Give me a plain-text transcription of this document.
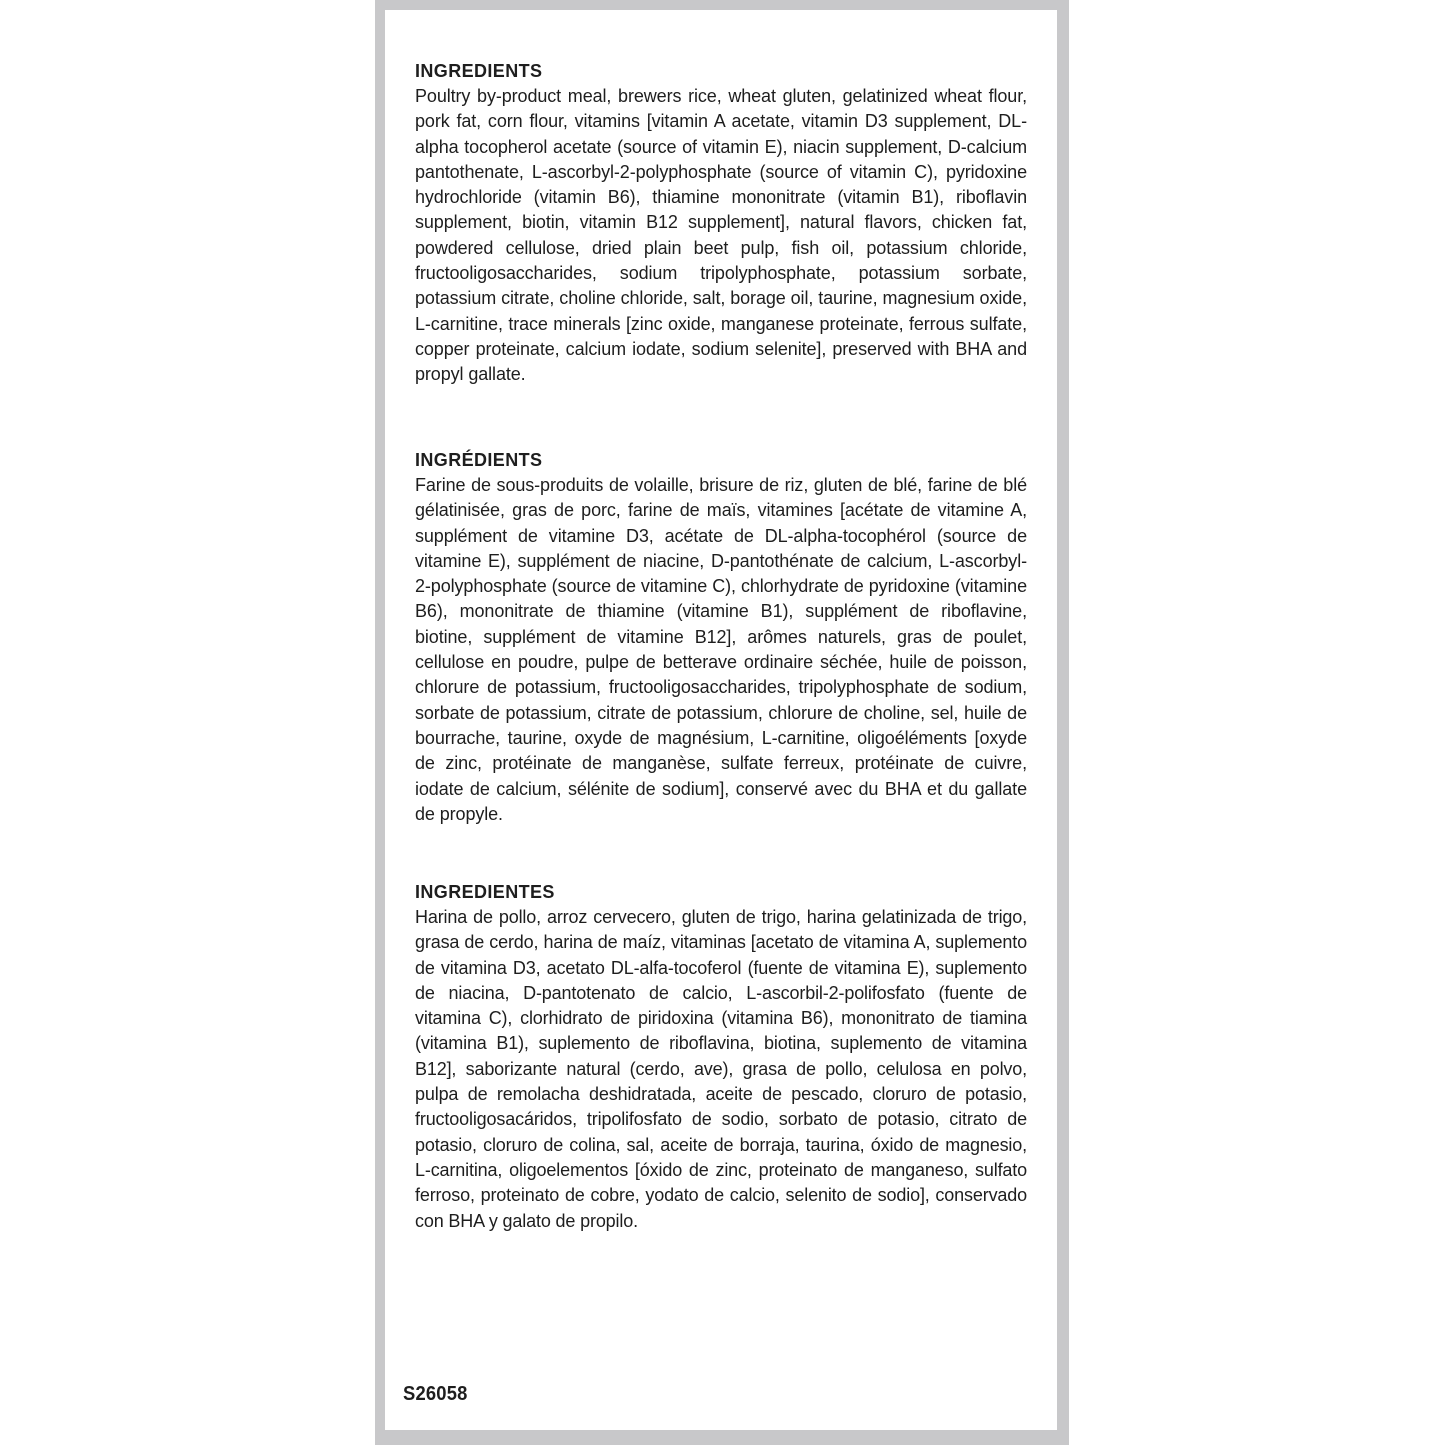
INGREDIENTS

Poultry by-product meal, brewers rice, wheat gluten, gelatinized wheat flour, pork fat, corn flour, vitamins [vitamin A acetate, vitamin D3 supplement, DL-alpha tocopherol acetate (source of vitamin E), niacin supplement, D-calcium pantothenate, L-ascorbyl-2-polyphosphate (source of vitamin C), pyridoxine hydrochloride (vitamin B6), thiamine mononitrate (vitamin B1), riboflavin supplement, biotin, vitamin B12 supplement], natural flavors, chicken fat, powdered cellulose, dried plain beet pulp, fish oil, potassium chloride, fructooligosaccharides, sodium tripolyphosphate, potassium sorbate, potassium citrate, choline chloride, salt, borage oil, taurine, magnesium oxide, L-carnitine, trace minerals [zinc oxide, manganese proteinate, ferrous sulfate, copper proteinate, calcium iodate, sodium selenite], preserved with BHA and propyl gallate.

INGRÉDIENTS

Farine de sous-produits de volaille, brisure de riz, gluten de blé, farine de blé gélatinisée, gras de porc, farine de maïs, vitamines [acétate de vitamine A, supplément de vitamine D3, acétate de DL-alpha-tocophérol (source de vitamine E), supplément de niacine, D-pantothénate de calcium, L-ascorbyl-2-polyphosphate (source de vitamine C), chlorhydrate de pyridoxine (vitamine B6), mononitrate de thiamine (vitamine B1), supplément de riboflavine, biotine, supplément de vitamine B12], arômes naturels, gras de poulet, cellulose en poudre, pulpe de betterave ordinaire séchée, huile de poisson, chlorure de potassium, fructooligosaccharides, tripolyphosphate de sodium, sorbate de potassium, citrate de potassium, chlorure de choline, sel, huile de bourrache, taurine, oxyde de magnésium, L-carnitine, oligoéléments [oxyde de zinc, protéinate de manganèse, sulfate ferreux, protéinate de cuivre, iodate de calcium, sélénite de sodium], conservé avec du BHA et du gallate de propyle.

INGREDIENTES

Harina de pollo, arroz cervecero, gluten de trigo, harina gelatinizada de trigo, grasa de cerdo, harina de maíz, vitaminas [acetato de vitamina A, suplemento de vitamina D3, acetato DL-alfa-tocoferol (fuente de vitamina E), suplemento de niacina, D-pantotenato de calcio, L-ascorbil-2-polifosfato (fuente de vitamina C), clorhidrato de piridoxina (vitamina B6), mononitrato de tiamina (vitamina B1), suplemento de riboflavina, biotina, suplemento de vitamina B12], saborizante natural (cerdo, ave), grasa de pollo, celulosa en polvo, pulpa de remolacha deshidratada, aceite de pescado, cloruro de potasio, fructooligosacáridos, tripolifosfato de sodio, sorbato de potasio, citrato de potasio, cloruro de colina, sal, aceite de borraja, taurina, óxido de magnesio, L-carnitina, oligoelementos [óxido de zinc, proteinato de manganeso, sulfato ferroso, proteinato de cobre, yodato de calcio, selenito de sodio], conservado con BHA y galato de propilo.

S26058
